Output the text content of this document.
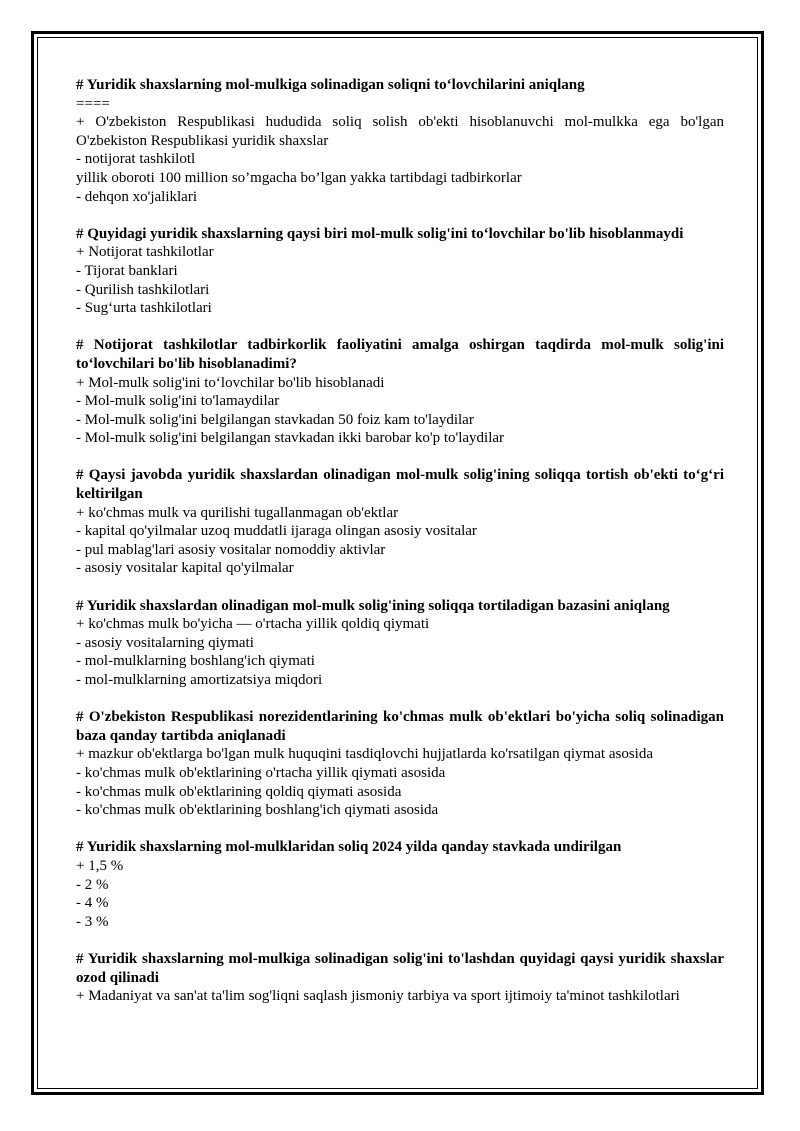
# Yuridik shaxslarning mol-mulkiga solinadigan soliqni to‘lovchilarini aniqlang
====
+ O'zbekiston Respublikasi hududida soliq solish ob'ekti hisoblanuvchi mol-mulkka ega bo'lgan O'zbekiston Respublikasi yuridik shaxslar
- notijorat tashkilotl
yillik oboroti 100 million so’mgacha bo’lgan yakka tartibdagi tadbirkorlar
- dehqon xo'jaliklari
# Quyidagi yuridik shaxslarning qaysi biri mol-mulk solig'ini to‘lovchilar bo'lib hisoblanmaydi
+ Notijorat tashkilotlar
- Tijorat banklari
- Qurilish tashkilotlari
- Sug‘urta tashkilotlari
# Notijorat tashkilotlar tadbirkorlik faoliyatini amalga oshirgan taqdirda mol-mulk solig'ini to‘lovchilari bo'lib hisoblanadimi?
+ Mol-mulk solig'ini to‘lovchilar bo'lib hisoblanadi
- Mol-mulk solig'ini to'lamaydilar
- Mol-mulk solig'ini belgilangan stavkadan 50 foiz kam to'laydilar
- Mol-mulk solig'ini belgilangan stavkadan ikki barobar ko'p to'laydilar
# Qaysi javobda yuridik shaxslardan olinadigan mol-mulk solig'ining soliqqa tortish ob'ekti to‘g‘ri keltirilgan
+ ko'chmas mulk va qurilishi tugallanmagan ob'ektlar
- kapital qo'yilmalar uzoq muddatli ijaraga olingan asosiy vositalar
- pul mablag'lari asosiy vositalar nomoddiy aktivlar
- asosiy vositalar kapital qo'yilmalar
# Yuridik shaxslardan olinadigan mol-mulk solig'ining soliqqa tortiladigan bazasini aniqlang
+ ko'chmas mulk bo'yicha — o'rtacha yillik qoldiq qiymati
- asosiy vositalarning qiymati
- mol-mulklarning boshlang'ich qiymati
- mol-mulklarning amortizatsiya miqdori
# O'zbekiston Respublikasi norezidentlarining ko'chmas mulk ob'ektlari bo'yicha soliq solinadigan baza qanday tartibda aniqlanadi
+ mazkur ob'ektlarga bo'lgan mulk huquqini tasdiqlovchi hujjatlarda ko'rsatilgan qiymat asosida
- ko'chmas mulk ob'ektlarining o'rtacha yillik qiymati asosida
- ko'chmas mulk ob'ektlarining qoldiq qiymati asosida
- ko'chmas mulk ob'ektlarining boshlang'ich qiymati asosida
# Yuridik shaxslarning mol-mulklaridan soliq 2024 yilda qanday stavkada undirilgan
+ 1,5 %
- 2 %
- 4 %
- 3 %
# Yuridik shaxslarning mol-mulkiga solinadigan solig'ini to'lashdan quyidagi qaysi yuridik shaxslar ozod qilinadi
+ Madaniyat va san'at ta'lim sog'liqni saqlash jismoniy tarbiya va sport ijtimoiy ta'minot tashkilotlari
